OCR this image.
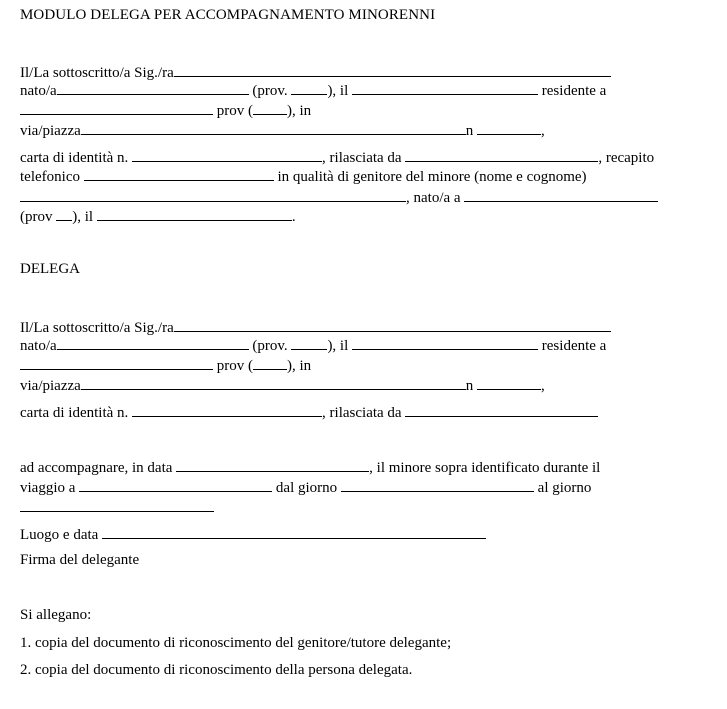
MODULO DELEGA PER ACCOMPAGNAMENTO MINORENNI
Il/La sottoscritto/a Sig./ra
nato/a	(prov.	), il	residente a
prov ( ), in
via/piazza	n	,
carta di identità n.	, rilasciata da	, recapito
telefonico	in qualità di genitore del minore (nome e cognome)
, nato/a a
(prov ), il	.
DELEGA
Il/La sottoscritto/a Sig./ra
nato/a	(prov.	), il	residente a
prov ( ), in
via/piazza	n	,
carta di identità n.	, rilasciata da
ad accompagnare, in data	, il minore sopra identificato durante il
viaggio a	dal giorno	al giorno
Luogo e data
Firma del delegante
Si allegano:
1. copia del documento di riconoscimento del genitore/tutore delegante;
2. copia del documento di riconoscimento della persona delegata.
